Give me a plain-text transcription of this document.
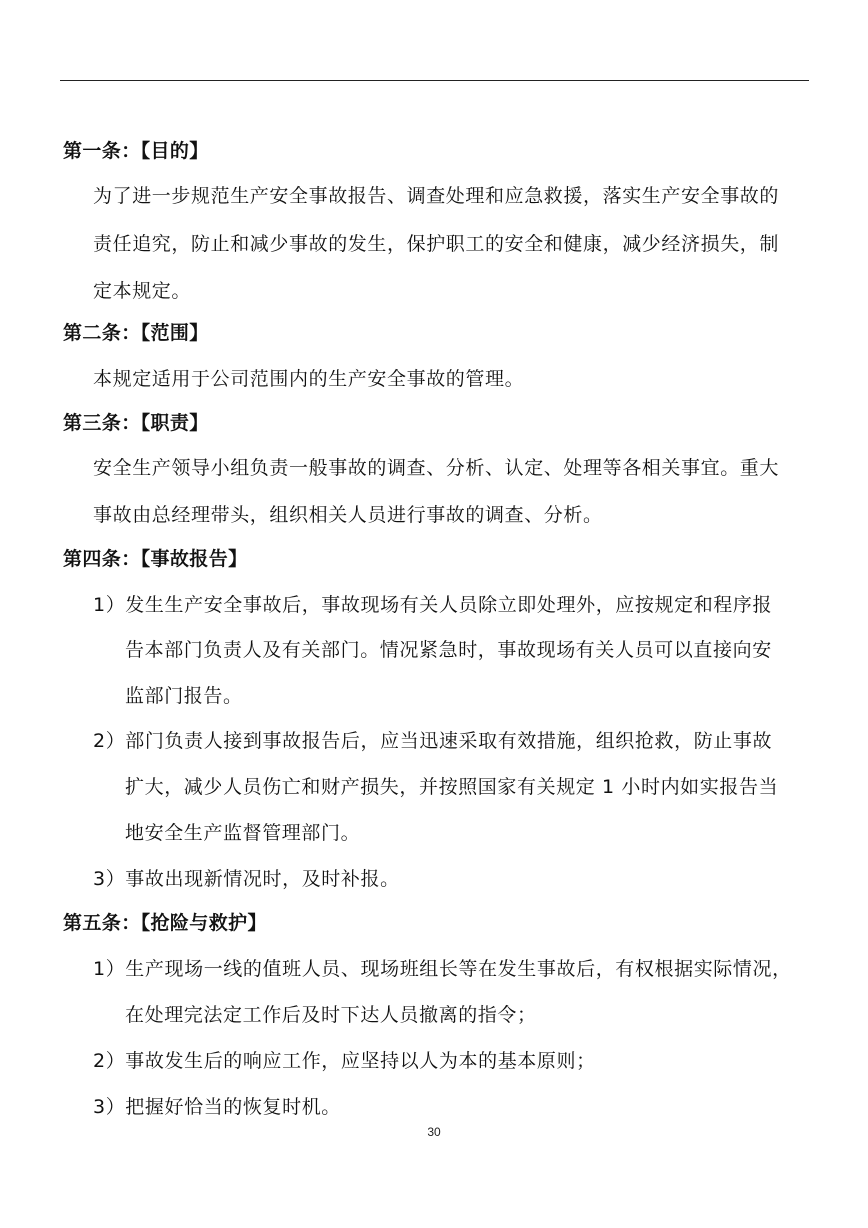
第一条：【目的】
为了进一步规范生产安全事故报告、调查处理和应急救援，落实生产安全事故的
责任追究，防止和减少事故的发生，保护职工的安全和健康，减少经济损失，制
定本规定。
第二条：【范围】
本规定适用于公司范围内的生产安全事故的管理。
第三条：【职责】
安全生产领导小组负责一般事故的调查、分析、认定、处理等各相关事宜。重大
事故由总经理带头，组织相关人员进行事故的调查、分析。
第四条：【事故报告】
1）发生生产安全事故后，事故现场有关人员除立即处理外，应按规定和程序报
告本部门负责人及有关部门。情况紧急时，事故现场有关人员可以直接向安
监部门报告。
2）部门负责人接到事故报告后，应当迅速采取有效措施，组织抢救，防止事故
扩大，减少人员伤亡和财产损失，并按照国家有关规定 1 小时内如实报告当
地安全生产监督管理部门。
3）事故出现新情况时，及时补报。
第五条：【抢险与救护】
1）生产现场一线的值班人员、现场班组长等在发生事故后，有权根据实际情况，
在处理完法定工作后及时下达人员撤离的指令；
2）事故发生后的响应工作，应坚持以人为本的基本原则；
3）把握好恰当的恢复时机。
30
